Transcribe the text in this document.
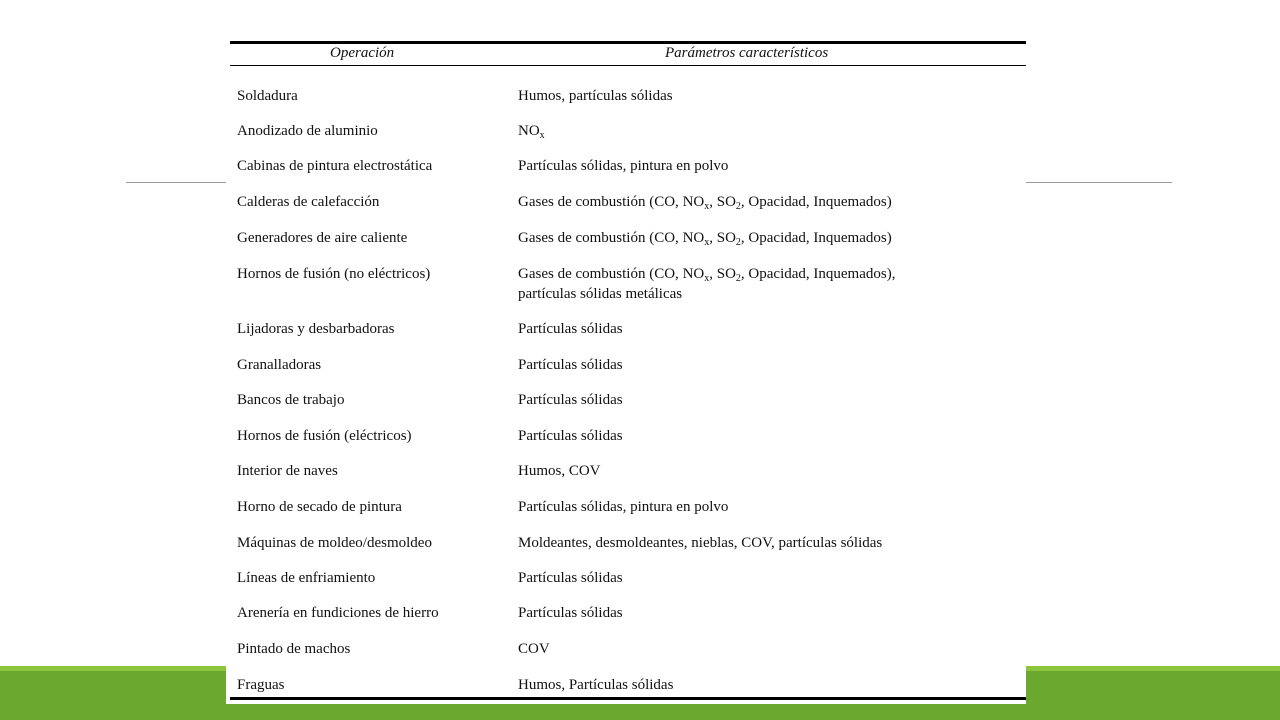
Operación	Parámetros característicos
Soldadura	Humos, partículas sólidas
Anodizado de aluminio	$NO_x$
Cabinas de pintura electrostática	Partículas sólidas, pintura en polvo
Calderas de calefacción	Gases de combustión (CO, $NO_x$, $SO_2$, Opacidad, Inquemados)
Generadores de aire caliente	Gases de combustión (CO, $NO_x$, $SO_2$, Opacidad, Inquemados)
Hornos de fusión (no eléctricos)	Gases de combustión (CO, $NO_x$, $SO_2$, Opacidad, Inquemados),
partículas sólidas metálicas
Lijadoras y desbarbadoras	Partículas sólidas
Granalladoras	Partículas sólidas
Bancos de trabajo	Partículas sólidas
Hornos de fusión (eléctricos)	Partículas sólidas
Interior de naves	Humos, COV
Horno de secado de pintura	Partículas sólidas, pintura en polvo
Máquinas de moldeo/desmoldeo	Moldeantes, desmoldeantes, nieblas, COV, partículas sólidas
Líneas de enfriamiento	Partículas sólidas
Arenería en fundiciones de hierro	Partículas sólidas
Pintado de machos	COV
Fraguas	Humos, Partículas sólidas
